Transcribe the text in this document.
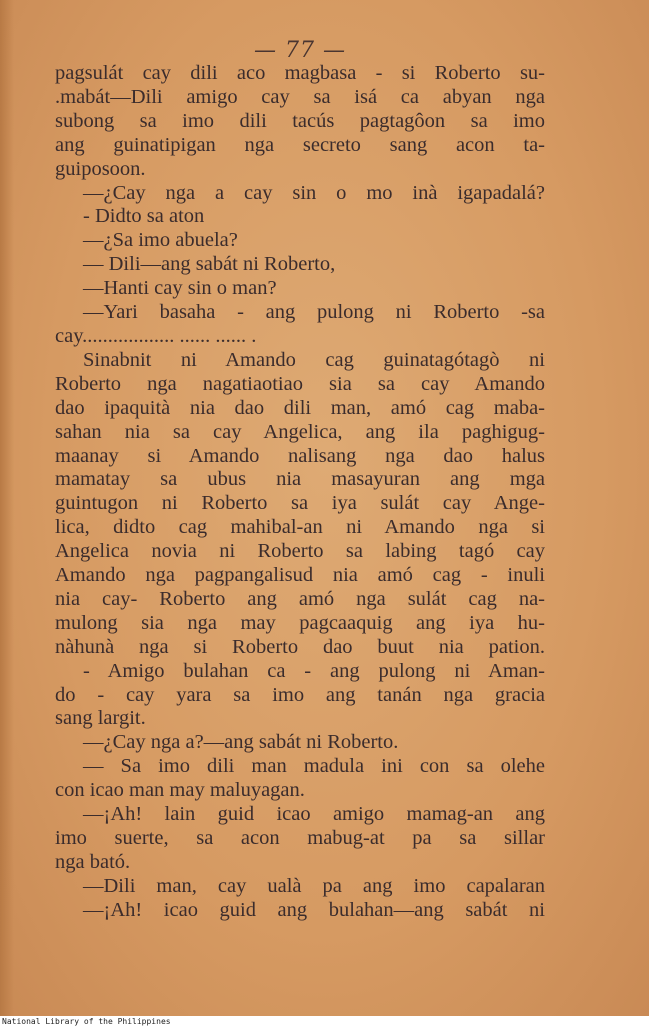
— 77 —
pagsulát cay dili aco magbasa - si Roberto su-
.mabát—Dili amigo cay sa isá ca abyan nga
subong sa imo dili tacús pagtagôon sa imo
ang guinatipigan nga secreto sang acon ta-
guiposoon.
—¿Cay nga a cay sin o mo inà igapadalá?
- Didto sa aton
—¿Sa imo abuela?
— Dili—ang sabát ni Roberto,
—Hanti cay sin o man?
—Yari basaha - ang pulong ni Roberto -sa
cay.................. ...... ...... .
Sinabnit ni Amando cag guinatagótagò ni
Roberto nga nagatiaotiao sia sa cay Amando
dao ipaquità nia dao dili man, amó cag maba-
sahan nia sa cay Angelica, ang ila paghigug-
maanay si Amando nalisang nga dao halus
mamatay sa ubus nia masayuran ang mga
guintugon ni Roberto sa iya sulát cay Ange-
lica, didto cag mahibal-an ni Amando nga si
Angelica novia ni Roberto sa labing tagó cay
Amando nga pagpangalisud nia amó cag - inuli
nia cay- Roberto ang amó nga sulát cag na-
mulong sia nga may pagcaaquig ang iya hu-
nàhunà nga si Roberto dao buut nia pation.
- Amigo bulahan ca - ang pulong ni Aman-
do - cay yara sa imo ang tanán nga gracia
sang largit.
—¿Cay nga a?—ang sabát ni Roberto.
— Sa imo dili man madula ini con sa olehe
con icao man may maluyagan.
—¡Ah! lain guid icao amigo mamag-an ang
imo suerte, sa acon mabug-at pa sa sillar
nga bató.
—Dili man, cay ualà pa ang imo capalaran
—¡Ah! icao guid ang bulahan—ang sabát ni
National Library of the Philippines
